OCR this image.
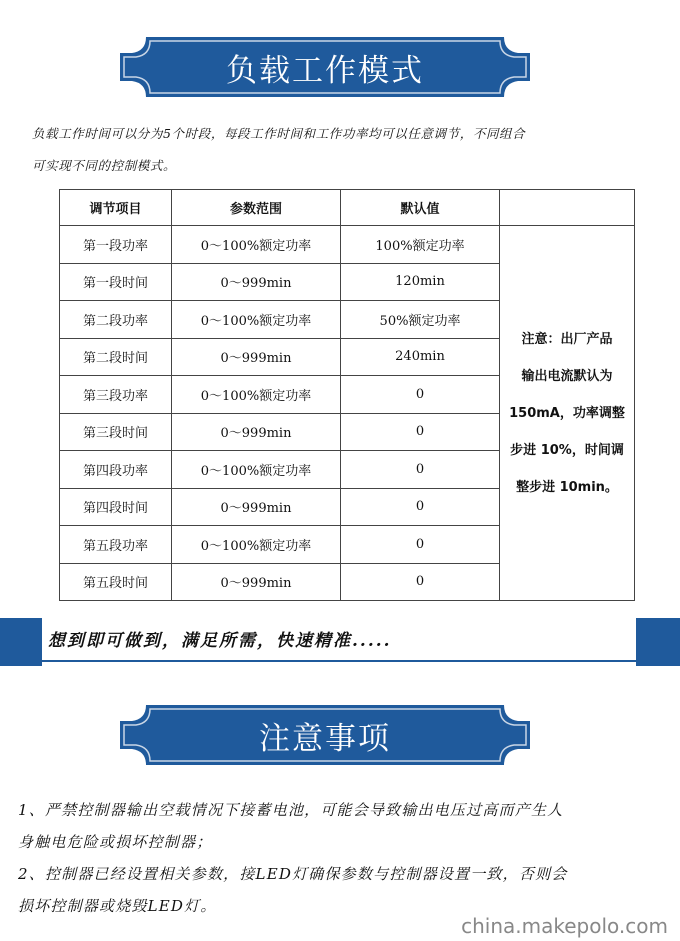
负载工作模式
负载工作时间可以分为5个时段，每段工作时间和工作功率均可以任意调节，不同组合
可实现不同的控制模式。
调节项目	参数范围	默认值	
第一段功率	0～100%额定功率	100%额定功率	注意：出厂产品
输出电流默认为
150mA，功率调整
步进 10%，时间调
整步进 10min。

第一段时间	0～999min	120min	
第二段功率	0～100%额定功率	50%额定功率	
第二段时间	0～999min	240min	
第三段功率	0～100%额定功率	0	
第三段时间	0～999min	0	
第四段功率	0～100%额定功率	0	
第四段时间	0～999min	0	
第五段功率	0～100%额定功率	0	
第五段时间	0～999min	0	
想到即可做到，满足所需，快速精准.....
注意事项
1、严禁控制器输出空载情况下接蓄电池，可能会导致输出电压过高而产生人
身触电危险或损坏控制器；
2、控制器已经设置相关参数，接LED灯确保参数与控制器设置一致，否则会
损坏控制器或烧毁LED灯。
china.makepolo.com
